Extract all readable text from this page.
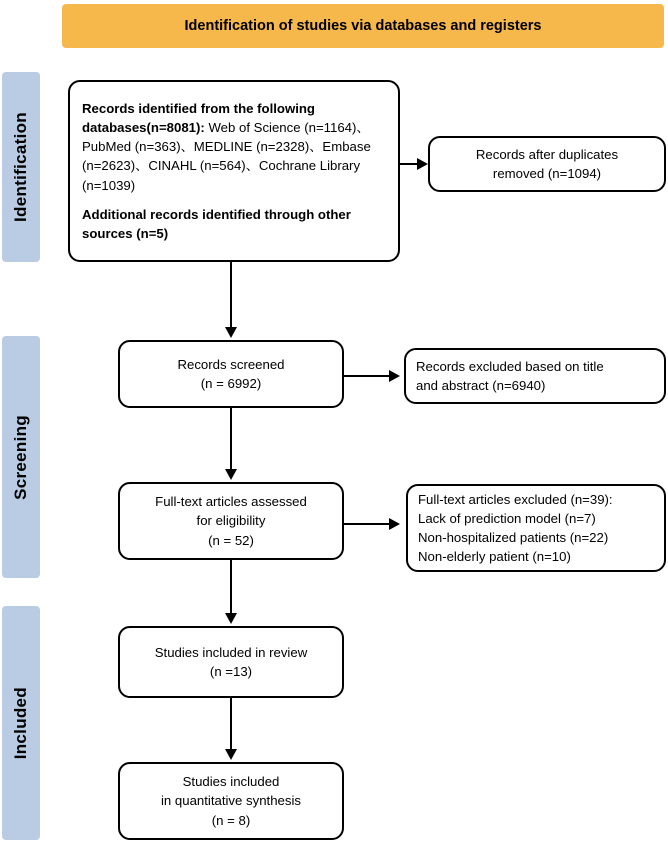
Identification of studies via databases and registers
Identification
Screening
Included
Records identified from the following databases(n=8081): Web of Science (n=1164)、PubMed (n=363)、MEDLINE (n=2328)、Embase (n=2623)、CINAHL (n=564)、Cochrane Library (n=1039)
Additional records identified through other sources (n=5)
Records after duplicates
removed (n=1094)
Records screened
(n = 6992)
Records excluded based on title
and abstract (n=6940)
Full-text articles assessed
for eligibility
(n = 52)
Full-text articles excluded (n=39):
Lack of prediction model (n=7)
Non-hospitalized patients (n=22)
Non-elderly patient (n=10)
Studies included in review
(n =13)
Studies included
in quantitative synthesis
(n = 8)
